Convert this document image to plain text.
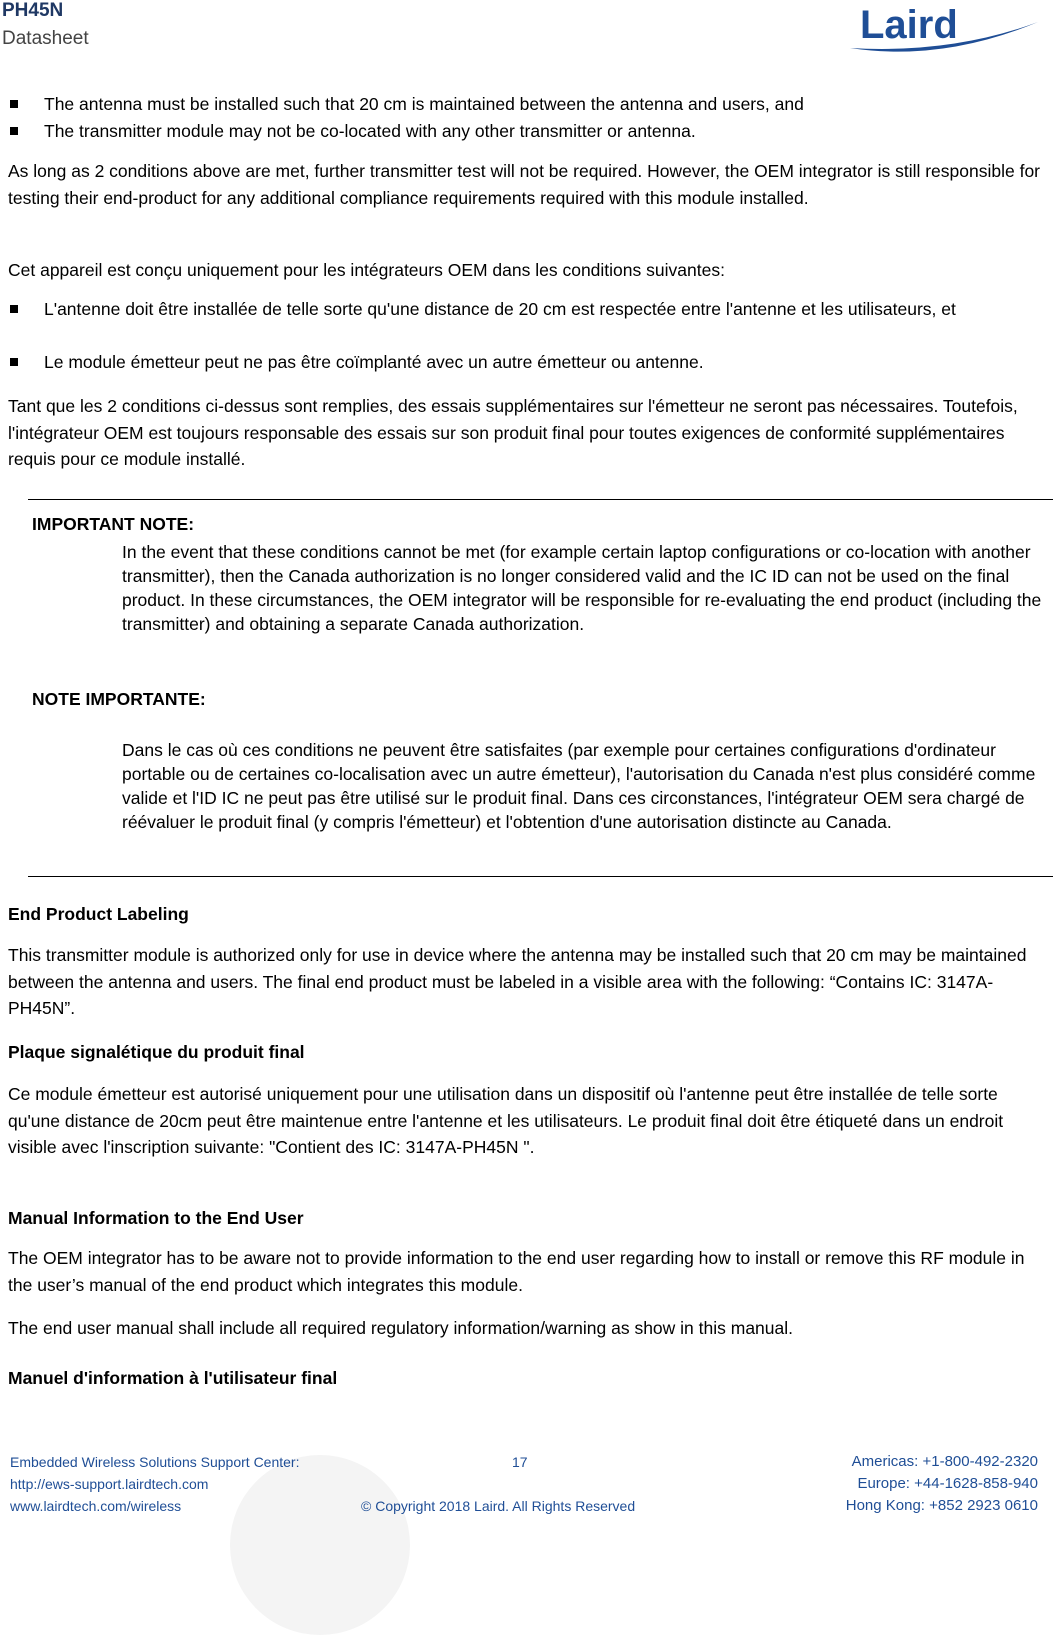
PH45N
Datasheet	Laird
The antenna must be installed such that 20 cm is maintained between the antenna and users, and
The transmitter module may not be co-located with any other transmitter or antenna.
As long as 2 conditions above are met, further transmitter test will not be required. However, the OEM integrator is still responsible for testing their end-product for any additional compliance requirements required with this module installed.
Cet appareil est conçu uniquement pour les intégrateurs OEM dans les conditions suivantes:
L'antenne doit être installée de telle sorte qu'une distance de 20 cm est respectée entre l'antenne et les utilisateurs, et
Le module émetteur peut ne pas être coïmplanté avec un autre émetteur ou antenne.
Tant que les 2 conditions ci-dessus sont remplies, des essais supplémentaires sur l'émetteur ne seront pas nécessaires. Toutefois, l'intégrateur OEM est toujours responsable des essais sur son produit final pour toutes exigences de conformité supplémentaires requis pour ce module installé.
IMPORTANT NOTE:
In the event that these conditions cannot be met (for example certain laptop configurations or co-location with another transmitter), then the Canada authorization is no longer considered valid and the IC ID can not be used on the final product. In these circumstances, the OEM integrator will be responsible for re-evaluating the end product (including the transmitter) and obtaining a separate Canada authorization.
NOTE IMPORTANTE:
Dans le cas où ces conditions ne peuvent être satisfaites (par exemple pour certaines configurations d'ordinateur portable ou de certaines co-localisation avec un autre émetteur), l'autorisation du Canada n'est plus considéré comme valide et l'ID IC ne peut pas être utilisé sur le produit final. Dans ces circonstances, l'intégrateur OEM sera chargé de réévaluer le produit final (y compris l'émetteur) et l'obtention d'une autorisation distincte au Canada.
End Product Labeling
This transmitter module is authorized only for use in device where the antenna may be installed such that 20 cm may be maintained between the antenna and users. The final end product must be labeled in a visible area with the following: “Contains IC: 3147A-PH45N”.
Plaque signalétique du produit final
Ce module émetteur est autorisé uniquement pour une utilisation dans un dispositif où l'antenne peut être installée de telle sorte qu'une distance de 20cm peut être maintenue entre l'antenne et les utilisateurs. Le produit final doit être étiqueté dans un endroit visible avec l'inscription suivante: "Contient des IC: 3147A-PH45N ".
Manual Information to the End User
The OEM integrator has to be aware not to provide information to the end user regarding how to install or remove this RF module in the user’s manual of the end product which integrates this module.
The end user manual shall include all required regulatory information/warning as show in this manual.
Manuel d'information à l'utilisateur final
Embedded Wireless Solutions Support Center:
http://ews-support.lairdtech.com
www.lairdtech.com/wireless
17
© Copyright 2018 Laird. All Rights Reserved
Americas: +1-800-492-2320
Europe: +44-1628-858-940
Hong Kong: +852 2923 0610
